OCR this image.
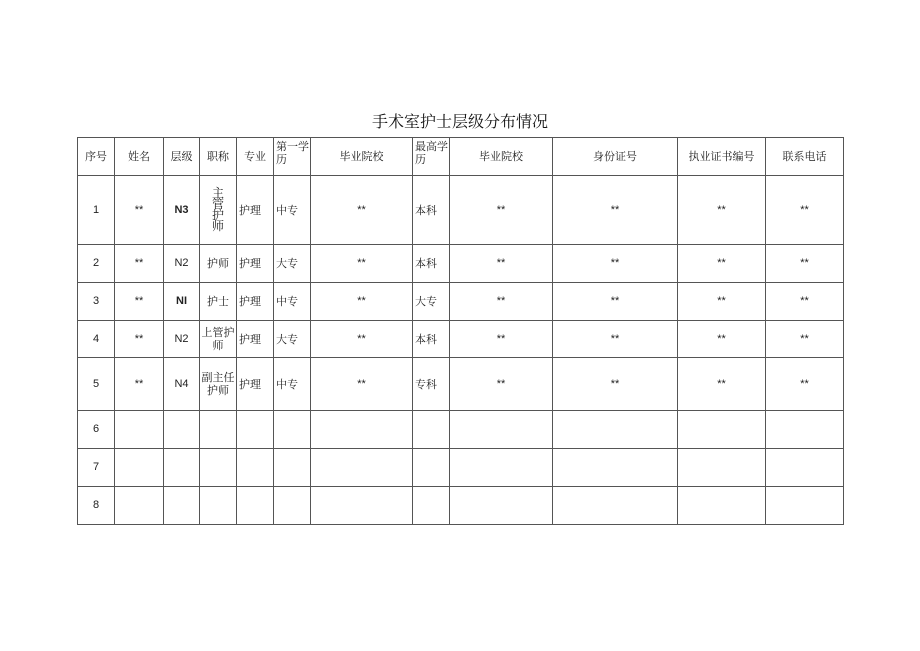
手术室护士层级分布情况
序号	姓名	层级	职称	专业	第一学历	毕业院校	最高学历	毕业院校	身份证号	执业证书编号	联系电话
1	**	N3	主管护师	护理	中专	**	本科	**	**	**	**
2	**	N2	护师	护理	大专	**	本科	**	**	**	**
3	**	NI	护士	护理	中专	**	大专	**	**	**	**
4	**	N2	上管护师	护理	大专	**	本科	**	**	**	**
5	**	N4	副主任护师	护理	中专	**	专科	**	**	**	**
6											
7											
8											
